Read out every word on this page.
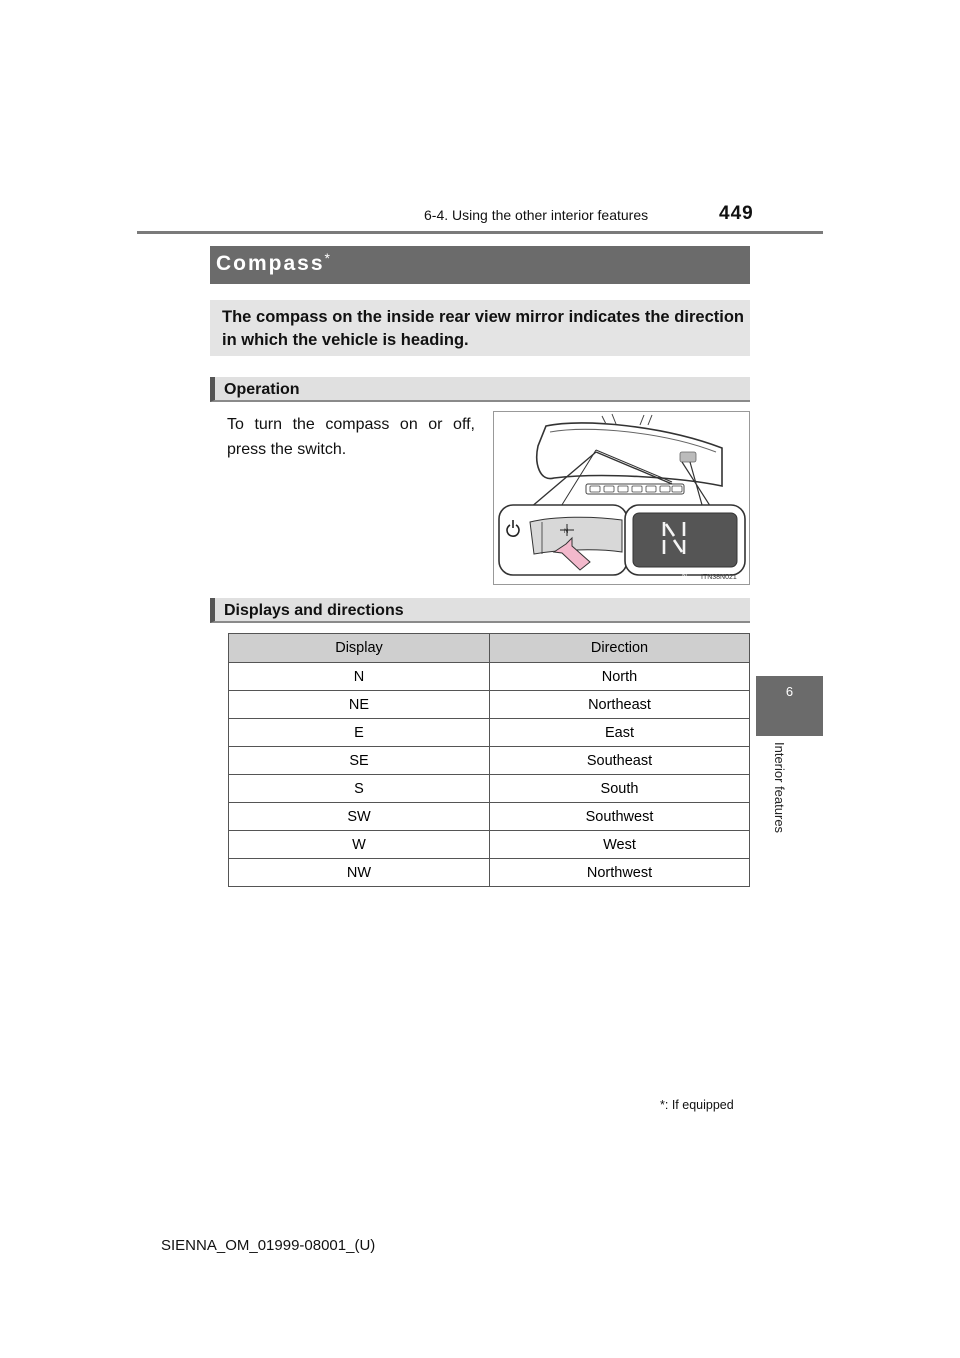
6-4. Using the other interior features	449
6
Interior features
Compass*
The compass on the inside rear view mirror indicates the direction in which the vehicle is heading.
Operation
To turn the compass on or off, press the switch.
N
N ITN38N021
Displays and directions
Display	Direction
N	North
NE	Northeast
E	East
SE	Southeast
S	South
SW	Southwest
W	West
NW	Northwest
*: If equipped
SIENNA_OM_01999-08001_(U)
